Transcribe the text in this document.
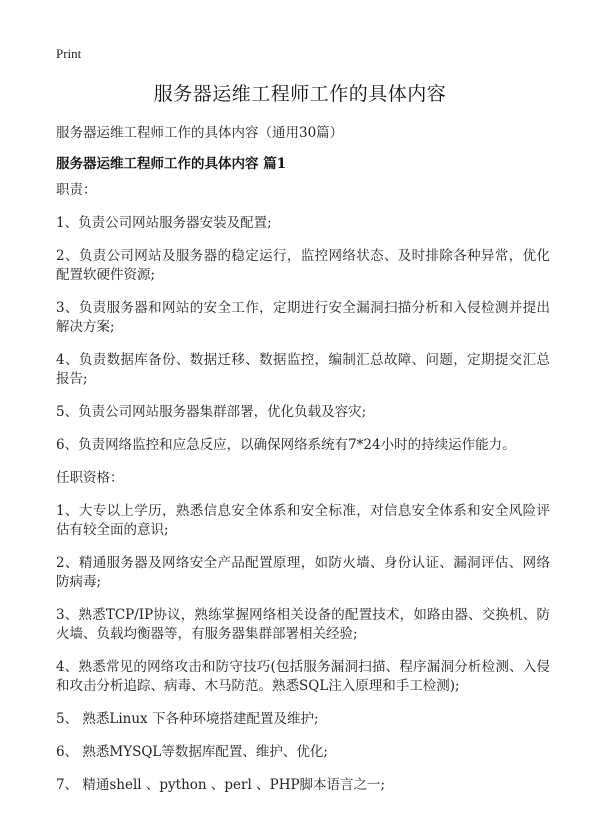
Print
服务器运维工程师工作的具体内容
服务器运维工程师工作的具体内容（通用30篇）
服务器运维工程师工作的具体内容 篇1

职责：

1、负责公司网站服务器安装及配置;

2、负责公司网站及服务器的稳定运行，监控网络状态、及时排除各种异常，优化配置软硬件资源;

3、负责服务器和网站的安全工作，定期进行安全漏洞扫描分析和入侵检测并提出解决方案;

4、负责数据库备份、数据迁移、数据监控，编制汇总故障、问题，定期提交汇总报告;

5、负责公司网站服务器集群部署，优化负载及容灾;

6、负责网络监控和应急反应，以确保网络系统有7*24小时的持续运作能力。

任职资格：

1、大专以上学历，熟悉信息安全体系和安全标准，对信息安全体系和安全风险评估有较全面的意识;

2、精通服务器及网络安全产品配置原理，如防火墙、身份认证、漏洞评估、网络防病毒;

3、熟悉TCP/IP协议，熟练掌握网络相关设备的配置技术，如路由器、交换机、防火墙、负载均衡器等，有服务器集群部署相关经验;

4、熟悉常见的网络攻击和防守技巧(包括服务漏洞扫描、程序漏洞分析检测、入侵和攻击分析追踪、病毒、木马防范。熟悉SQL注入原理和手工检测);

5、 熟悉Linux 下各种环境搭建配置及维护;

6、 熟悉MYSQL等数据库配置、维护、优化;

7、 精通shell 、python 、perl 、PHP脚本语言之一;
